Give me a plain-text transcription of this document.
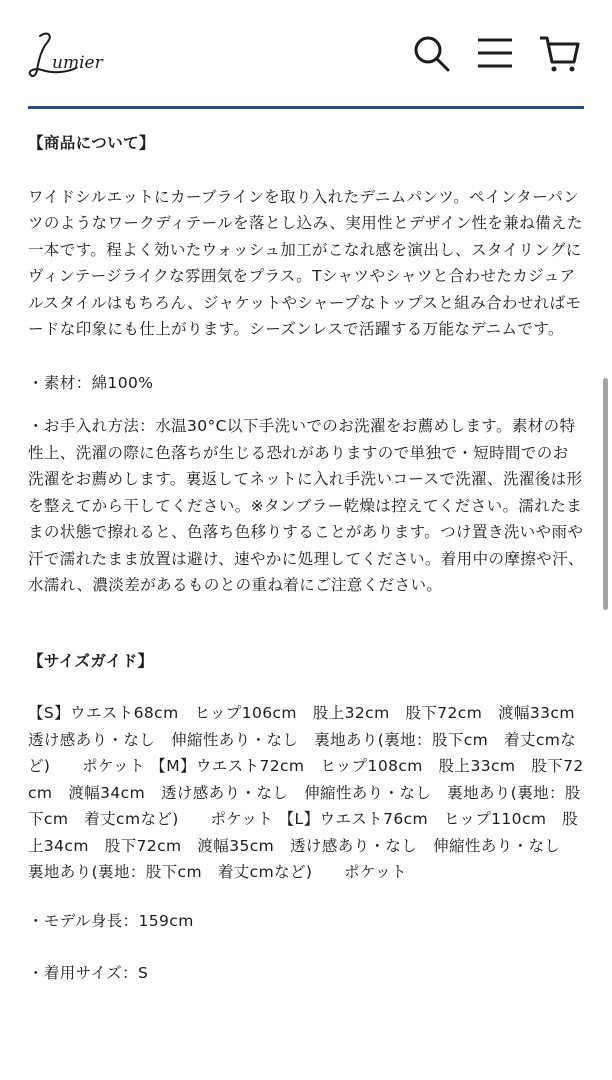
umier

【商品について】

ワイドシルエットにカーブラインを取り入れたデニムパンツ。ペインターパンツのようなワークディテールを落とし込み、実用性とデザイン性を兼ね備えた一本です。程よく効いたウォッシュ加工がこなれ感を演出し、スタイリングにヴィンテージライクな雰囲気をプラス。Tシャツやシャツと合わせたカジュアルスタイルはもちろん、ジャケットやシャープなトップスと組み合わせればモードな印象にも仕上がります。シーズンレスで活躍する万能なデニムです。

・素材：綿100%

・お手入れ方法：水温30°C以下手洗いでのお洗濯をお薦めします。素材の特性上、洗濯の際に色落ちが生じる恐れがありますので単独で・短時間でのお洗濯をお薦めします。裏返してネットに入れ手洗いコースで洗濯、洗濯後は形を整えてから干してください。※タンブラー乾燥は控えてください。濡れたままの状態で擦れると、色落ち色移りすることがあります。つけ置き洗いや雨や汗で濡れたまま放置は避け、速やかに処理してください。着用中の摩擦や汗、水濡れ、濃淡差があるものとの重ね着にご注意ください。

【サイズガイド】

【S】ウエスト68cm　ヒップ106cm　股上32cm　股下72cm　渡幅33cm　透け感あり・なし　伸縮性あり・なし　裏地あり(裏地：股下cm　着丈cmなど)　　ポケット 【M】ウエスト72cm　ヒップ108cm　股上33cm　股下72cm　渡幅34cm　透け感あり・なし　伸縮性あり・なし　裏地あり(裏地：股下cm　着丈cmなど)　　ポケット 【L】ウエスト76cm　ヒップ110cm　股上34cm　股下72cm　渡幅35cm　透け感あり・なし　伸縮性あり・なし　裏地あり(裏地：股下cm　着丈cmなど)　　ポケット

・モデル身長：159cm

・着用サイズ：S
